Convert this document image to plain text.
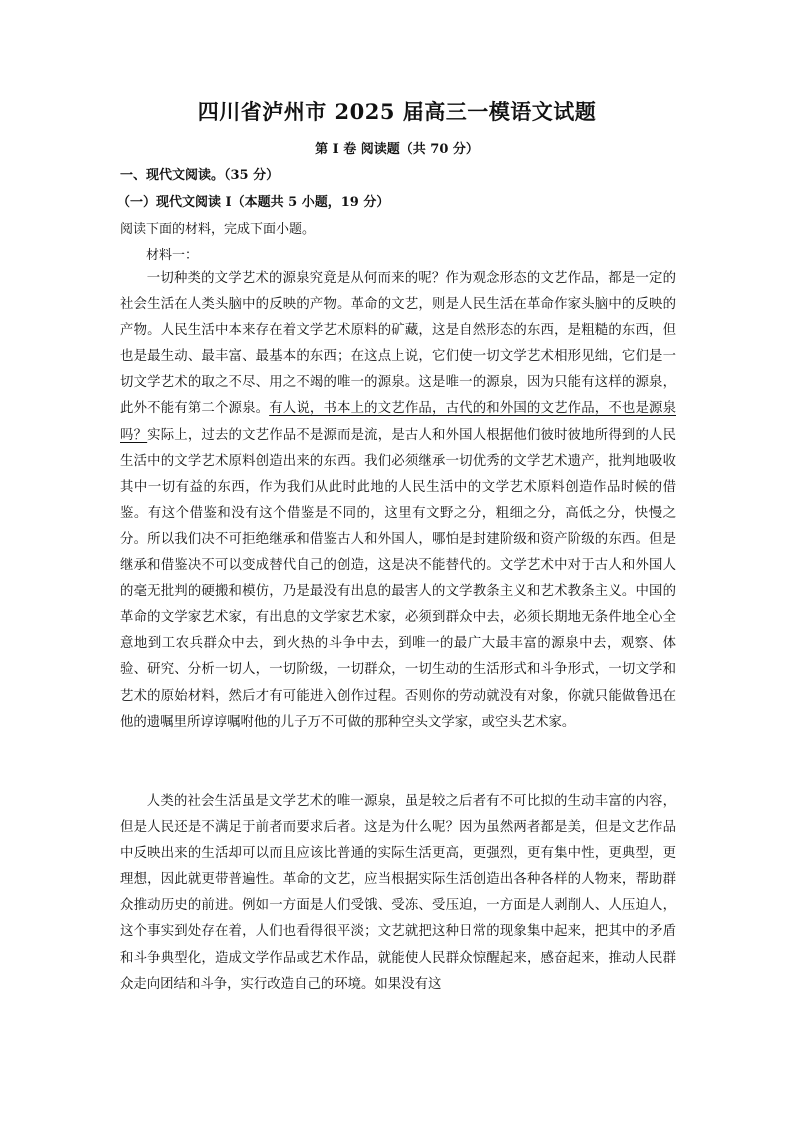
四川省泸州市 2025 届高三一模语文试题
第 I 卷 阅读题（共 70 分）
一、现代文阅读。（35 分）
（一）现代文阅读 I（本题共 5 小题，19 分）
阅读下面的材料，完成下面小题。
材料一：
一切种类的文学艺术的源泉究竟是从何而来的呢？作为观念形态的文艺作品，都是一定的社会生活在人类头脑中的反映的产物。革命的文艺，则是人民生活在革命作家头脑中的反映的产物。人民生活中本来存在着文学艺术原料的矿藏，这是自然形态的东西，是粗糙的东西，但也是最生动、最丰富、最基本的东西；在这点上说，它们使一切文学艺术相形见绌，它们是一切文学艺术的取之不尽、用之不竭的唯一的源泉。这是唯一的源泉，因为只能有这样的源泉，此外不能有第二个源泉。有人说，书本上的文艺作品，古代的和外国的文艺作品，不也是源泉吗？实际上，过去的文艺作品不是源而是流，是古人和外国人根据他们彼时彼地所得到的人民生活中的文学艺术原料创造出来的东西。我们必须继承一切优秀的文学艺术遗产，批判地吸收其中一切有益的东西，作为我们从此时此地的人民生活中的文学艺术原料创造作品时候的借鉴。有这个借鉴和没有这个借鉴是不同的，这里有文野之分，粗细之分，高低之分，快慢之分。所以我们决不可拒绝继承和借鉴古人和外国人，哪怕是封建阶级和资产阶级的东西。但是继承和借鉴决不可以变成替代自己的创造，这是决不能替代的。文学艺术中对于古人和外国人的毫无批判的硬搬和模仿，乃是最没有出息的最害人的文学教条主义和艺术教条主义。中国的革命的文学家艺术家，有出息的文学家艺术家，必须到群众中去，必须长期地无条件地全心全意地到工农兵群众中去，到火热的斗争中去，到唯一的最广大最丰富的源泉中去，观察、体验、研究、分析一切人，一切阶级，一切群众，一切生动的生活形式和斗争形式，一切文学和艺术的原始材料，然后才有可能进入创作过程。否则你的劳动就没有对象，你就只能做鲁迅在他的遗嘱里所谆谆嘱咐他的儿子万不可做的那种空头文学家，或空头艺术家。
人类的社会生活虽是文学艺术的唯一源泉，虽是较之后者有不可比拟的生动丰富的内容，但是人民还是不满足于前者而要求后者。这是为什么呢？因为虽然两者都是美，但是文艺作品中反映出来的生活却可以而且应该比普通的实际生活更高，更强烈，更有集中性，更典型，更理想，因此就更带普遍性。革命的文艺，应当根据实际生活创造出各种各样的人物来，帮助群众推动历史的前进。例如一方面是人们受饿、受冻、受压迫，一方面是人剥削人、人压迫人，这个事实到处存在着，人们也看得很平淡；文艺就把这种日常的现象集中起来，把其中的矛盾和斗争典型化，造成文学作品或艺术作品，就能使人民群众惊醒起来，感奋起来，推动人民群众走向团结和斗争，实行改造自己的环境。如果没有这
